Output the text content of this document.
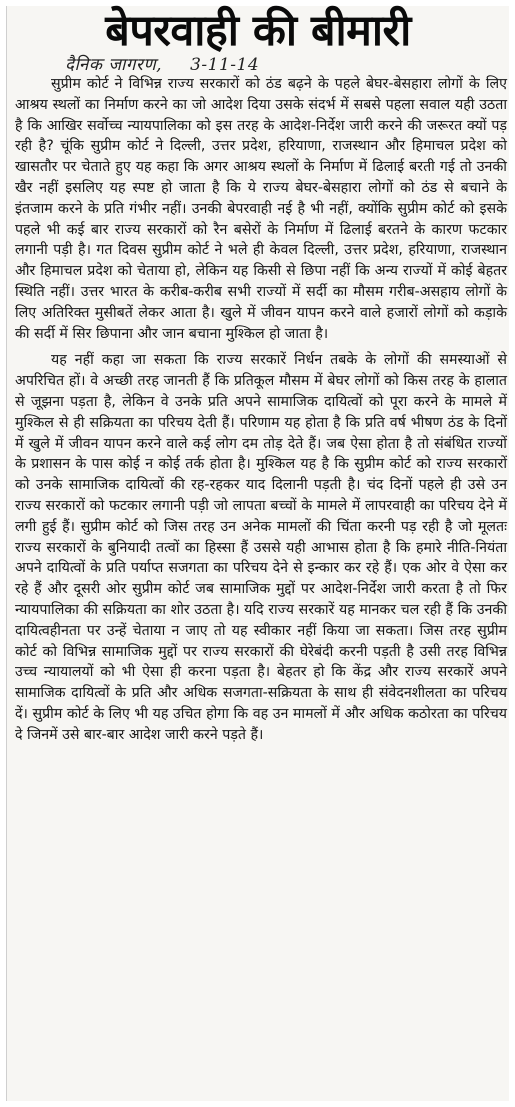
बेपरवाही की बीमारी
दैनिक जागरण, 3-11-14

सुप्रीम कोर्ट ने विभिन्न राज्य सरकारों को ठंड बढ़ने के पहले बेघर-बेसहारा लोगों के लिए आश्रय स्थलों का निर्माण करने का जो आदेश दिया उसके संदर्भ में सबसे पहला सवाल यही उठता है कि आखिर सर्वोच्च न्यायपालिका को इस तरह के आदेश-निर्देश जारी करने की जरूरत क्यों पड़ रही है? चूंकि सुप्रीम कोर्ट ने दिल्ली, उत्तर प्रदेश, हरियाणा, राजस्थान और हिमाचल प्रदेश को खासतौर पर चेताते हुए यह कहा कि अगर आश्रय स्थलों के निर्माण में ढिलाई बरती गई तो उनकी खैर नहीं इसलिए यह स्पष्ट हो जाता है कि ये राज्य बेघर-बेसहारा लोगों को ठंड से बचाने के इंतजाम करने के प्रति गंभीर नहीं। उनकी बेपरवाही नई है भी नहीं, क्योंकि सुप्रीम कोर्ट को इसके पहले भी कई बार राज्य सरकारों को रैन बसेरों के निर्माण में ढिलाई बरतने के कारण फटकार लगानी पड़ी है। गत दिवस सुप्रीम कोर्ट ने भले ही केवल दिल्ली, उत्तर प्रदेश, हरियाणा, राजस्थान और हिमाचल प्रदेश को चेताया हो, लेकिन यह किसी से छिपा नहीं कि अन्य राज्यों में कोई बेहतर स्थिति नहीं। उत्तर भारत के करीब-करीब सभी राज्यों में सर्दी का मौसम गरीब-असहाय लोगों के लिए अतिरिक्त मुसीबतें लेकर आता है। खुले में जीवन यापन करने वाले हजारों लोगों को कड़ाके की सर्दी में सिर छिपाना और जान बचाना मुश्किल हो जाता है।

यह नहीं कहा जा सकता कि राज्य सरकारें निर्धन तबके के लोगों की समस्याओं से अपरिचित हों। वे अच्छी तरह जानती हैं कि प्रतिकूल मौसम में बेघर लोगों को किस तरह के हालात से जूझना पड़ता है, लेकिन वे उनके प्रति अपने सामाजिक दायित्वों को पूरा करने के मामले में मुश्किल से ही सक्रियता का परिचय देती हैं। परिणाम यह होता है कि प्रति वर्ष भीषण ठंड के दिनों में खुले में जीवन यापन करने वाले कई लोग दम तोड़ देते हैं। जब ऐसा होता है तो संबंधित राज्यों के प्रशासन के पास कोई न कोई तर्क होता है। मुश्किल यह है कि सुप्रीम कोर्ट को राज्य सरकारों को उनके सामाजिक दायित्वों की रह-रहकर याद दिलानी पड़ती है। चंद दिनों पहले ही उसे उन राज्य सरकारों को फटकार लगानी पड़ी जो लापता बच्चों के मामले में लापरवाही का परिचय देने में लगी हुई हैं। सुप्रीम कोर्ट को जिस तरह उन अनेक मामलों की चिंता करनी पड़ रही है जो मूलतः राज्य सरकारों के बुनियादी तत्वों का हिस्सा हैं उससे यही आभास होता है कि हमारे नीति-नियंता अपने दायित्वों के प्रति पर्याप्त सजगता का परिचय देने से इन्कार कर रहे हैं। एक ओर वे ऐसा कर रहे हैं और दूसरी ओर सुप्रीम कोर्ट जब सामाजिक मुद्दों पर आदेश-निर्देश जारी करता है तो फिर न्यायपालिका की सक्रियता का शोर उठता है। यदि राज्य सरकारें यह मानकर चल रही हैं कि उनकी दायित्वहीनता पर उन्हें चेताया न जाए तो यह स्वीकार नहीं किया जा सकता। जिस तरह सुप्रीम कोर्ट को विभिन्न सामाजिक मुद्दों पर राज्य सरकारों की घेरेबंदी करनी पड़ती है उसी तरह विभिन्न उच्च न्यायालयों को भी ऐसा ही करना पड़ता है। बेहतर हो कि केंद्र और राज्य सरकारें अपने सामाजिक दायित्वों के प्रति और अधिक सजगता-सक्रियता के साथ ही संवेदनशीलता का परिचय दें। सुप्रीम कोर्ट के लिए भी यह उचित होगा कि वह उन मामलों में और अधिक कठोरता का परिचय दे जिनमें उसे बार-बार आदेश जारी करने पड़ते हैं।
